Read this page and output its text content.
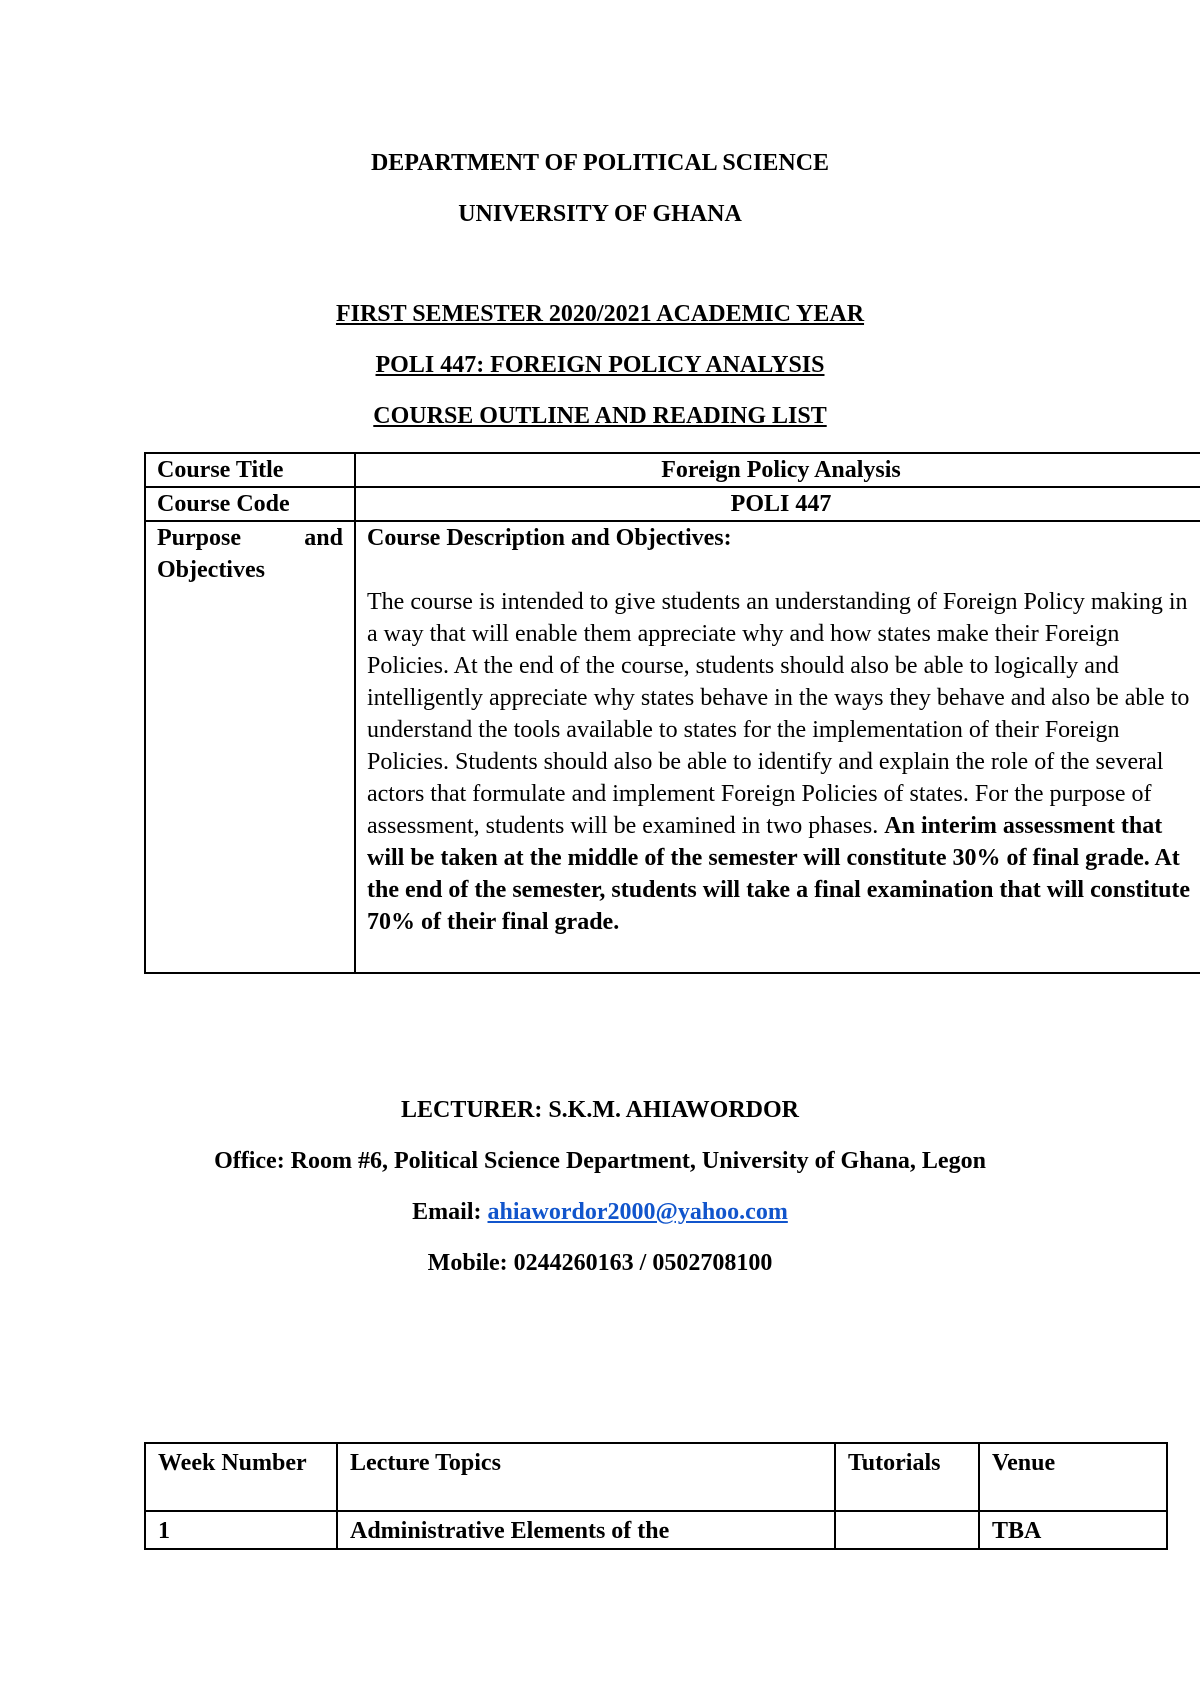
DEPARTMENT OF POLITICAL SCIENCE
UNIVERSITY OF GHANA
FIRST SEMESTER 2020/2021 ACADEMIC YEAR
POLI 447: FOREIGN POLICY ANALYSIS
COURSE OUTLINE AND READING LIST
Course Title	Foreign Policy Analysis
Course Code	POLI 447

Purpose and
Objectives	Course Description and Objectives:
The course is intended to give students an understanding of Foreign Policy making in a way that will enable them appreciate why and how states make their Foreign Policies. At the end of the course, students should also be able to logically and intelligently appreciate why states behave in the ways they behave and also be able to understand the tools available to states for the implementation of their Foreign Policies. Students should also be able to identify and explain the role of the several actors that formulate and implement Foreign Policies of states. For the purpose of assessment, students will be examined in two phases. An interim assessment that will be taken at the middle of the semester will constitute 30% of final grade. At the end of the semester, students will take a final examination that will constitute 70% of their final grade.
LECTURER: S.K.M. AHIAWORDOR
Office: Room #6, Political Science Department, University of Ghana, Legon
Email: ahiawordor2000@yahoo.com
Mobile: 0244260163 / 0502708100
Week Number	Lecture Topics	Tutorials	Venue
1	Administrative Elements of the		TBA
